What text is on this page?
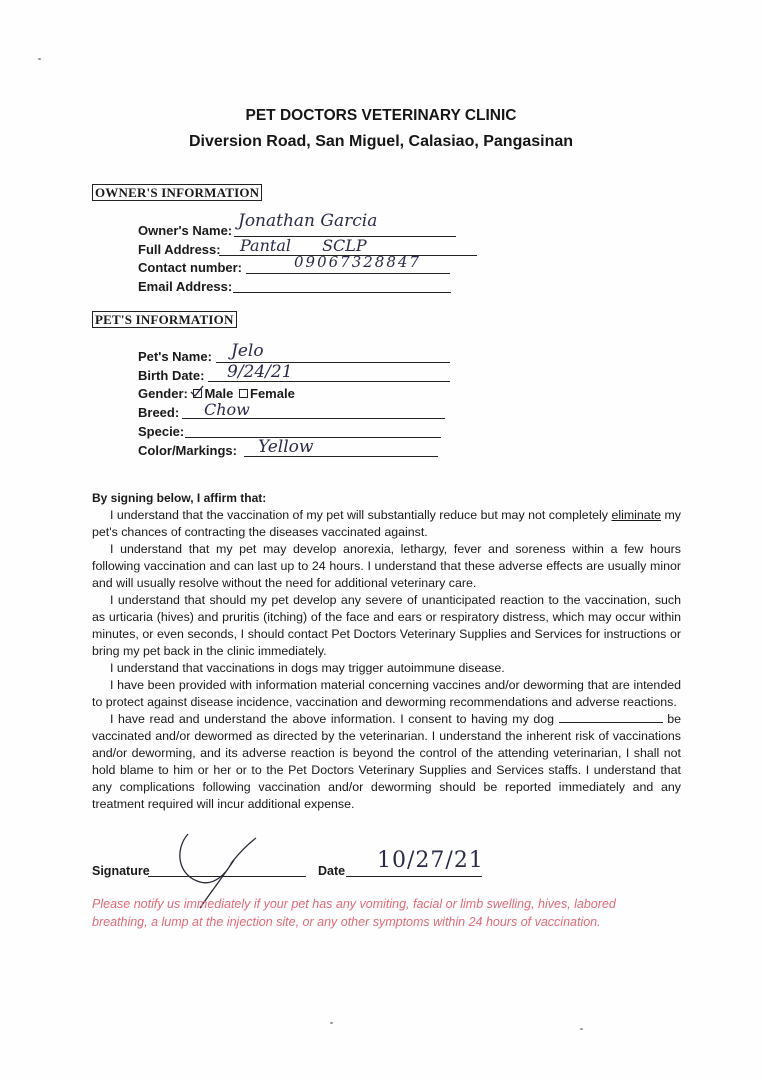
PET DOCTORS VETERINARY CLINIC
Diversion Road, San Miguel, Calasiao, Pangasinan
OWNER'S INFORMATION
Owner's Name: Jonathan Garcia
Full Address: Pantal SCLP
Contact number:	09067328847
Email Address:
PET'S INFORMATION
Pet's Name: Jelo
Birth Date: 9/24/21
Gender: Male Female
Breed: Chow
Specie:
Color/Markings: Yellow
By signing below, I affirm that:

I understand that the vaccination of my pet will substantially reduce but may not completely eliminate my pet's chances of contracting the diseases vaccinated against.

I understand that my pet may develop anorexia, lethargy, fever and soreness within a few hours following vaccination and can last up to 24 hours. I understand that these adverse effects are usually minor and will usually resolve without the need for additional veterinary care.

I understand that should my pet develop any severe of unanticipated reaction to the vaccination, such as urticaria (hives) and pruritis (itching) of the face and ears or respiratory distress, which may occur within minutes, or even seconds, I should contact Pet Doctors Veterinary Supplies and Services for instructions or bring my pet back in the clinic immediately.

I understand that vaccinations in dogs may trigger autoimmune disease.

I have been provided with information material concerning vaccines and/or deworming that are intended to protect against disease incidence, vaccination and deworming recommendations and adverse reactions.

I have read and understand the above information. I consent to having my dog	be vaccinated and/or dewormed as directed by the veterinarian. I understand the inherent risk of vaccinations and/or deworming, and its adverse reaction is beyond the control of the attending veterinarian, I shall not hold blame to him or her or to the Pet Doctors Veterinary Supplies and Services staffs. I understand that any complications following vaccination and/or deworming should be reported immediately and any treatment required will incur additional expense.

Signature	Date 10/27/21
Please notify us immediately if your pet has any vomiting, facial or limb swelling, hives, labored breathing, a lump at the injection site, or any other symptoms within 24 hours of vaccination.
